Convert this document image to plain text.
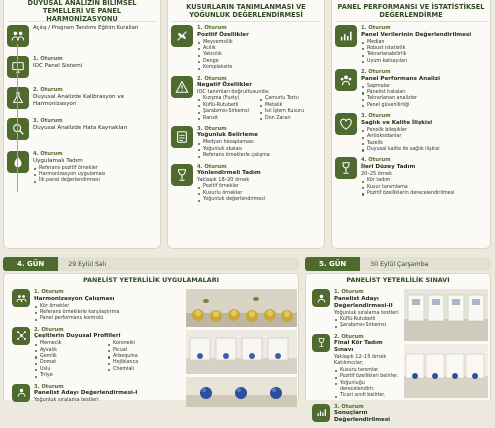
DUYUSAL ANALİZİN BİLİMSEL TEMELLERİ VE PANEL HARMONİZASYONU
Açılış / Program Tanıtımı Eğitim Kuralları
1. Oturum
IOC Panel Sistemi
2. Oturum
Duyusal Analizde Kalibrasyon ve Harmonizasyon
3. Oturum
Duyusal Analizde Hata Kaynakları
4. Oturum
Uygulamalı Tadım
Referans pozitif örnekler
Harmonizasyon uygulaması
İlk panel değerlendirmesi
KUSURLARIN TANIMLANMASI VE YOĞUNLUK DEĞERLENDİRMESİ
1. Oturum
Pozitif Özellikler
Meyvemsilik
Acılık
Yakıcılık
Denge
Kompleksite
2. Oturum
Negatif Özellikler
IOC tanımları doğrultusunda;
Kızışma (Fusty)
Küflü-Rutubetli
Şarabımsı-Sirkemsi
Ransit
Çamurlu Tortu
Metalik
Isıl İşlem Kusuru
Don Zararı
3. Oturum
Yoğunluk Belirleme
Medyan hesaplaması
Yoğunluk skalası
Referans örneklerle çalışma
4. Oturum
Yönlendirmeli Tadım
Yaklaşık 18–20 örnek
Pozitif örnekler
Kusurlu örnekler
Yoğunluk değerlendirmesi
PANEL PERFORMANSI VE İSTATİSTİKSEL DEĞERLENDİRME
1. Oturum
Panel Verilerinin Değerlendirilmesi
Median
Robust istatistik
Tekrarlanabilirlik
Uyum katsayıları
2. Oturum
Panel Performans Analizi
Sapmalar
Panelist hataları
Tekrarlanan analizler
Panel güvenilirliği
3. Oturum
Sağlık ve Kalite İlişkisi
Fenolik bileşikler
Antioksidanlar
Tazelik
Duyusal kalite ile sağlık ilişkisi
4. Oturum
İleri Düzey Tadım
20–25 örnek
Kör tadım
Kusur tanımlama
Pozitif özelliklerin derecelendirilmesi
4. GÜN	29 Eylül Salı
PANELİST YETERLİLİK UYGULAMALARI
1. Oturum
Harmonizasyon Çalışması
Kör örnekler
Referans örneklerle karşılaştırma
Panel performans kontrolü
2. Oturum
Çeşitlerin Duyusal Profilleri
Memecik
Ayvalık
Gemlik
Domat
Uslu
Trilye
Koroneiki
Picual
Arbequina
Hojiblanca
Chemlali
3. Oturum
Panelist Adayı Değerlendirmesi-I
Yoğunluk sıralama testleri
5. GÜN	30 Eylül Çarşamba
PANELİST YETERLİLİK SINAVI
1. Oturum
Panelist Adayı Değerlendirmesi-II
Yoğunluk sıralama testleri
Küflü-Rutubetli
Şarabımsı-Sirkemsi
2. Oturum
Final Kör Tadım Sınavı
Yaklaşık 12–15 örnek
Katılımcılar;
Kusuru tanımlar.
Pozitif özellikleri belirler.
Yoğunluğu derecelendirir.
Ticari sınıfı belirler.
3. Oturum
Sonuçların Değerlendirilmesi
